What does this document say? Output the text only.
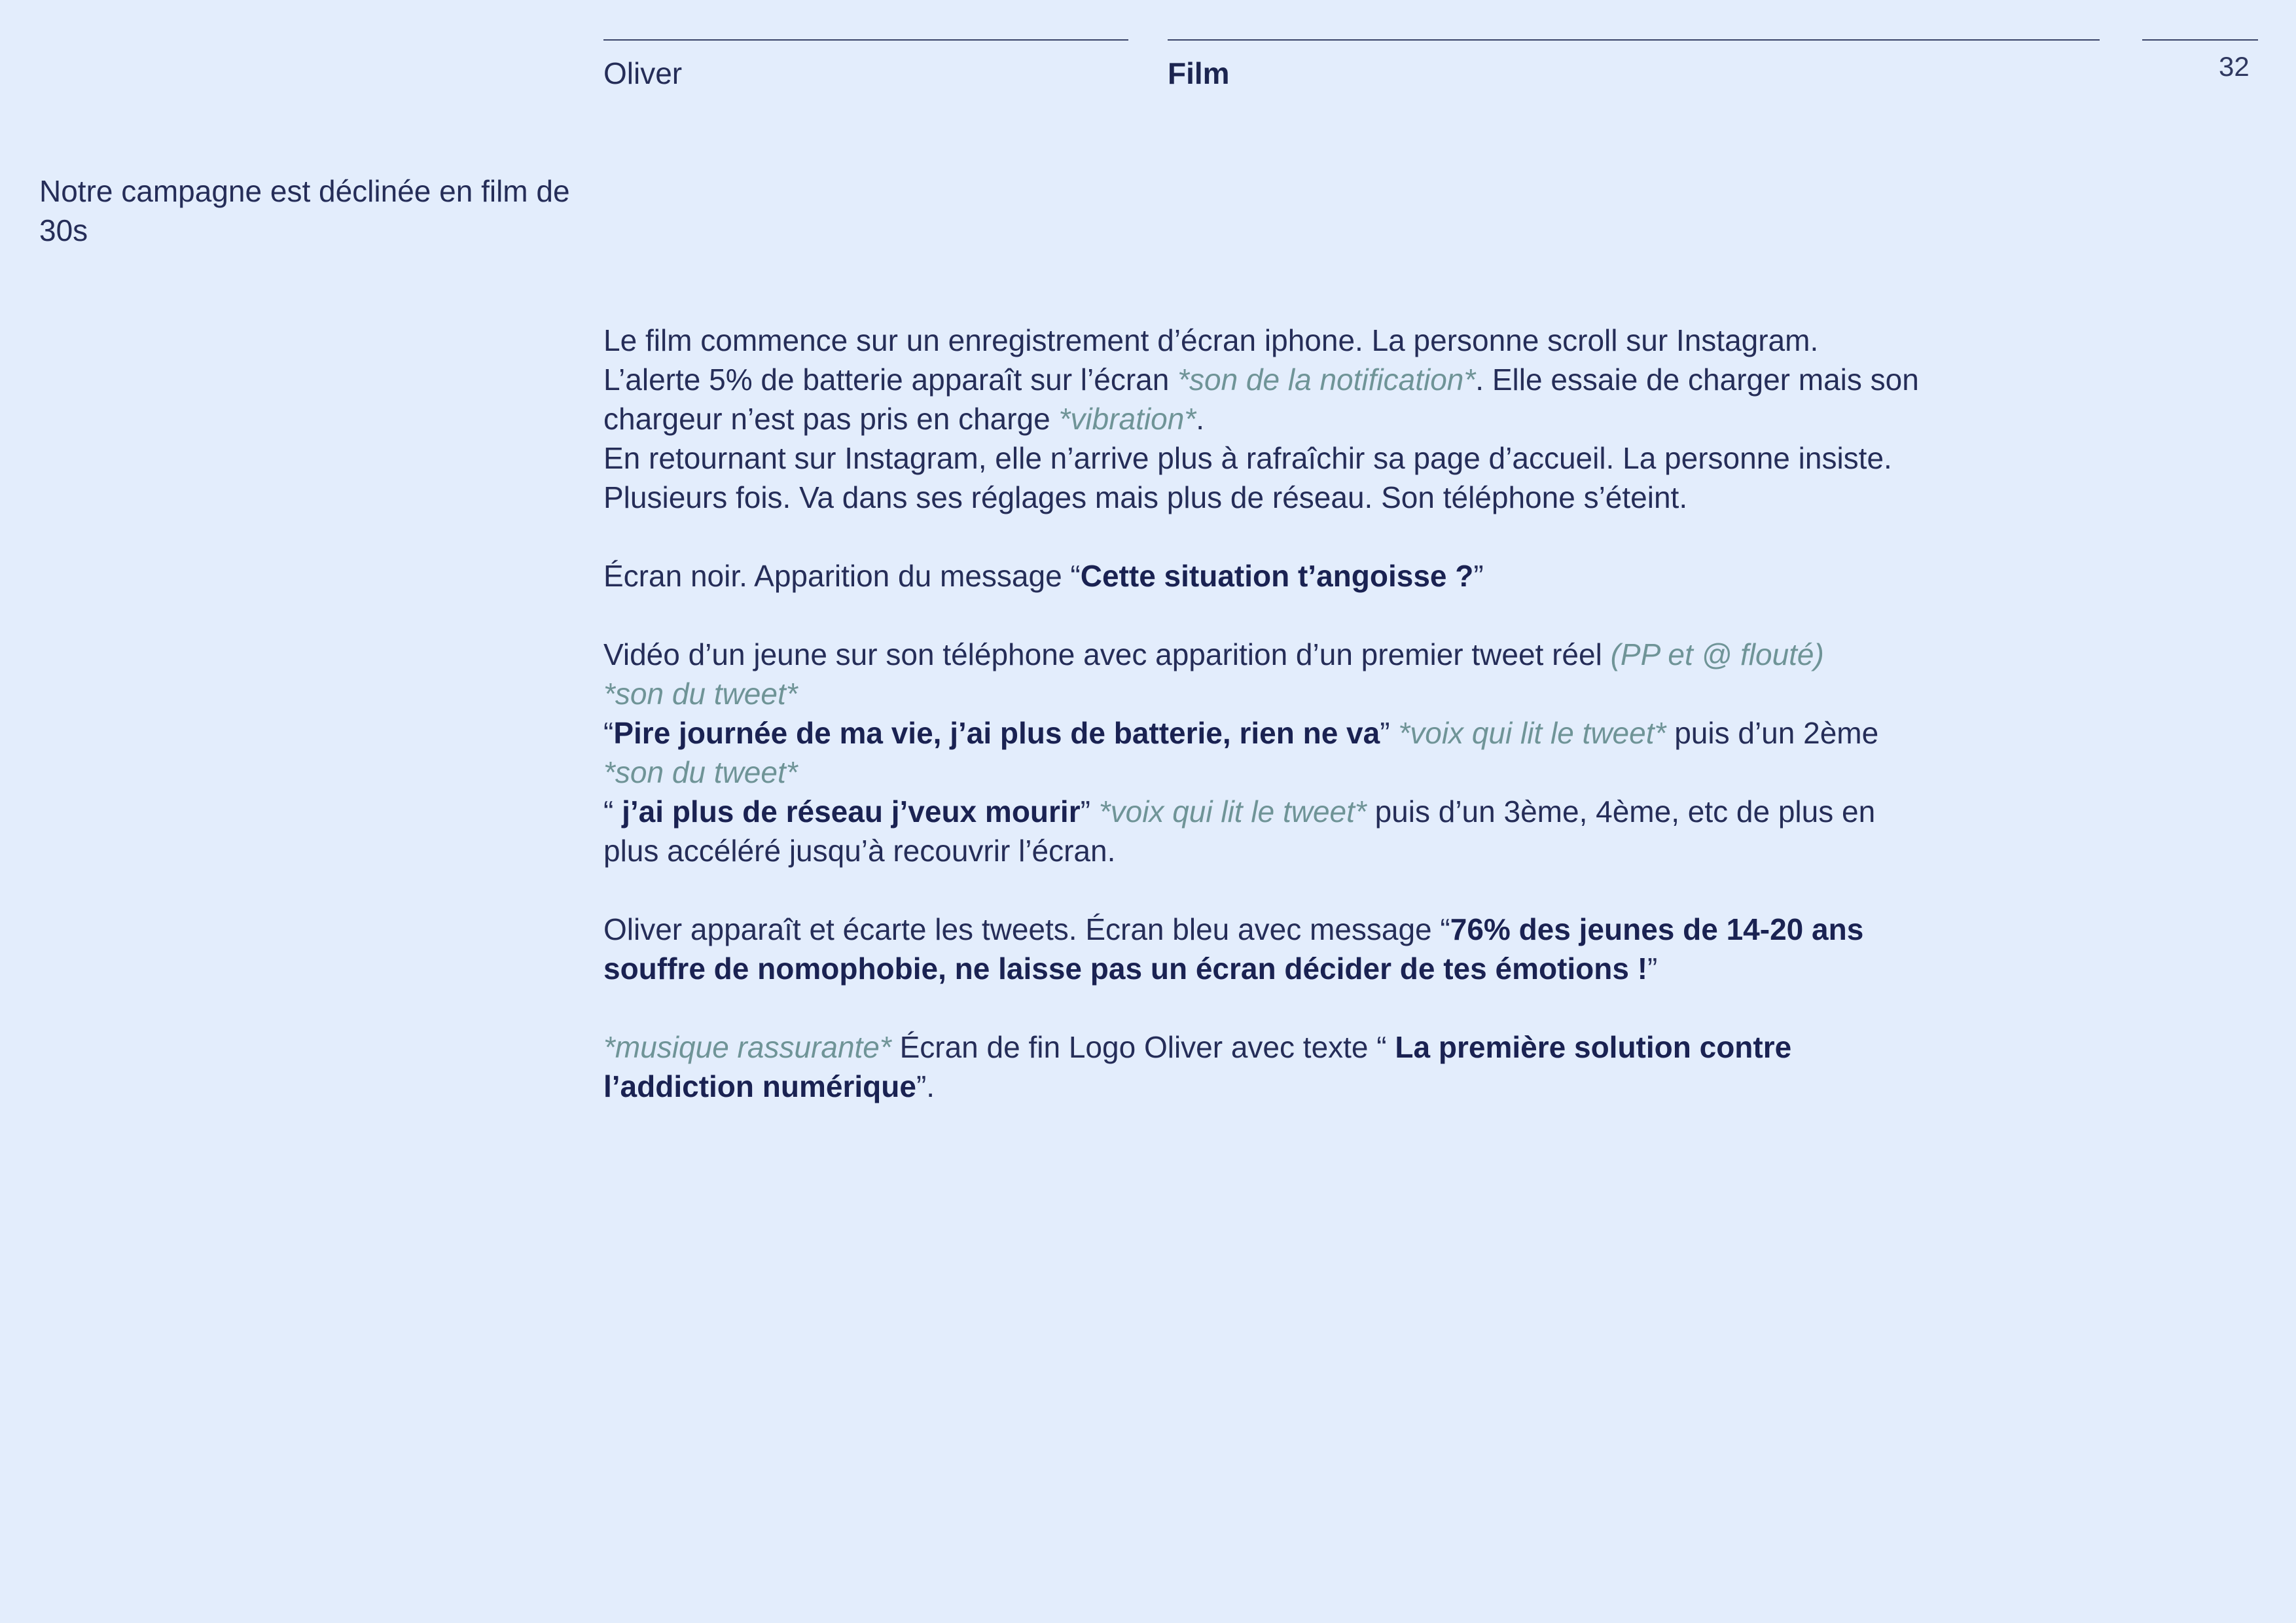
Oliver	Film	32
Notre campagne est déclinée en film de 30s

Le film commence sur un enregistrement d’écran iphone. La personne scroll sur Instagram. L’alerte 5% de batterie apparaît sur l’écran *son de la notification*. Elle essaie de charger mais son chargeur n’est pas pris en charge *vibration*.
En retournant sur Instagram, elle n’arrive plus à rafraîchir sa page d’accueil. La personne insiste. Plusieurs fois. Va dans ses réglages mais plus de réseau. Son téléphone s’éteint.

Écran noir. Apparition du message “Cette situation t’angoisse ?”

Vidéo d’un jeune sur son téléphone avec apparition d’un premier tweet réel (PP et @ flouté)
*son du tweet*
“Pire journée de ma vie, j’ai plus de batterie, rien ne va” *voix qui lit le tweet* puis d’un 2ème *son du tweet*
“ j’ai plus de réseau j’veux mourir” *voix qui lit le tweet* puis d’un 3ème, 4ème, etc de plus en plus accéléré jusqu’à recouvrir l’écran.

Oliver apparaît et écarte les tweets. Écran bleu avec message “76% des jeunes de 14-20 ans souffre de nomophobie, ne laisse pas un écran décider de tes émotions !”

*musique rassurante* Écran de fin Logo Oliver avec texte “ La première solution contre l’addiction numérique”.
